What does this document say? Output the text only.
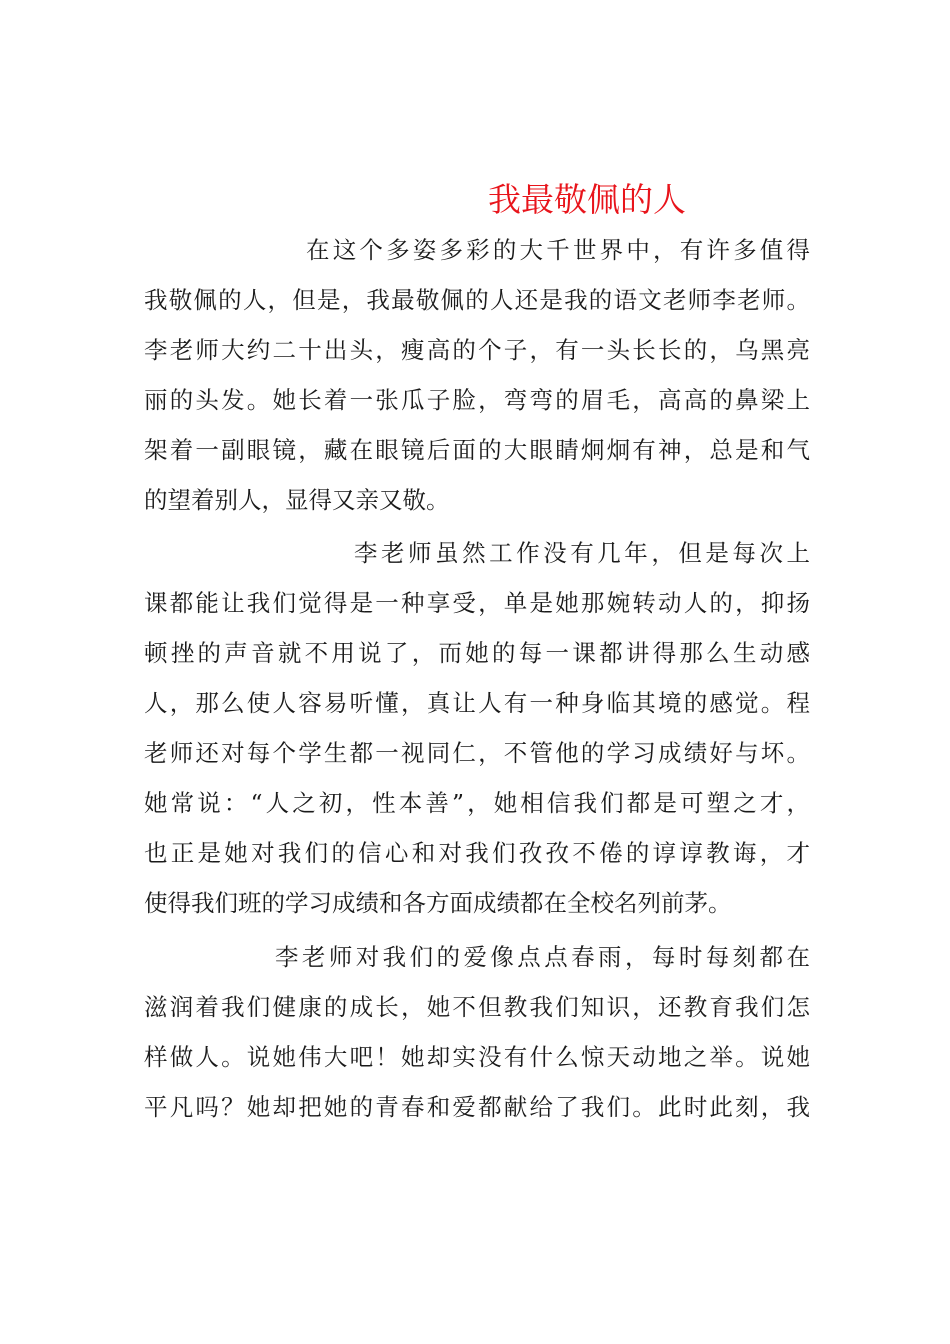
我最敬佩的人
在这个多姿多彩的大千世界中，有许多值得
我敬佩的人，但是，我最敬佩的人还是我的语文老师李老师。
李老师大约二十出头，瘦高的个子，有一头长长的，乌黑亮
丽的头发。她长着一张瓜子脸，弯弯的眉毛，高高的鼻梁上
架着一副眼镜，藏在眼镜后面的大眼睛炯炯有神，总是和气
的望着别人，显得又亲又敬。
李老师虽然工作没有几年，但是每次上
课都能让我们觉得是一种享受，单是她那婉转动人的，抑扬
顿挫的声音就不用说了，而她的每一课都讲得那么生动感
人，那么使人容易听懂，真让人有一种身临其境的感觉。程
老师还对每个学生都一视同仁，不管他的学习成绩好与坏。
她常说：“人之初，性本善”，她相信我们都是可塑之才，
也正是她对我们的信心和对我们孜孜不倦的谆谆教诲，才
使得我们班的学习成绩和各方面成绩都在全校名列前茅。
李老师对我们的爱像点点春雨，每时每刻都在
滋润着我们健康的成长，她不但教我们知识，还教育我们怎
样做人。说她伟大吧！她却实没有什么惊天动地之举。说她
平凡吗？她却把她的青春和爱都献给了我们。此时此刻，我
